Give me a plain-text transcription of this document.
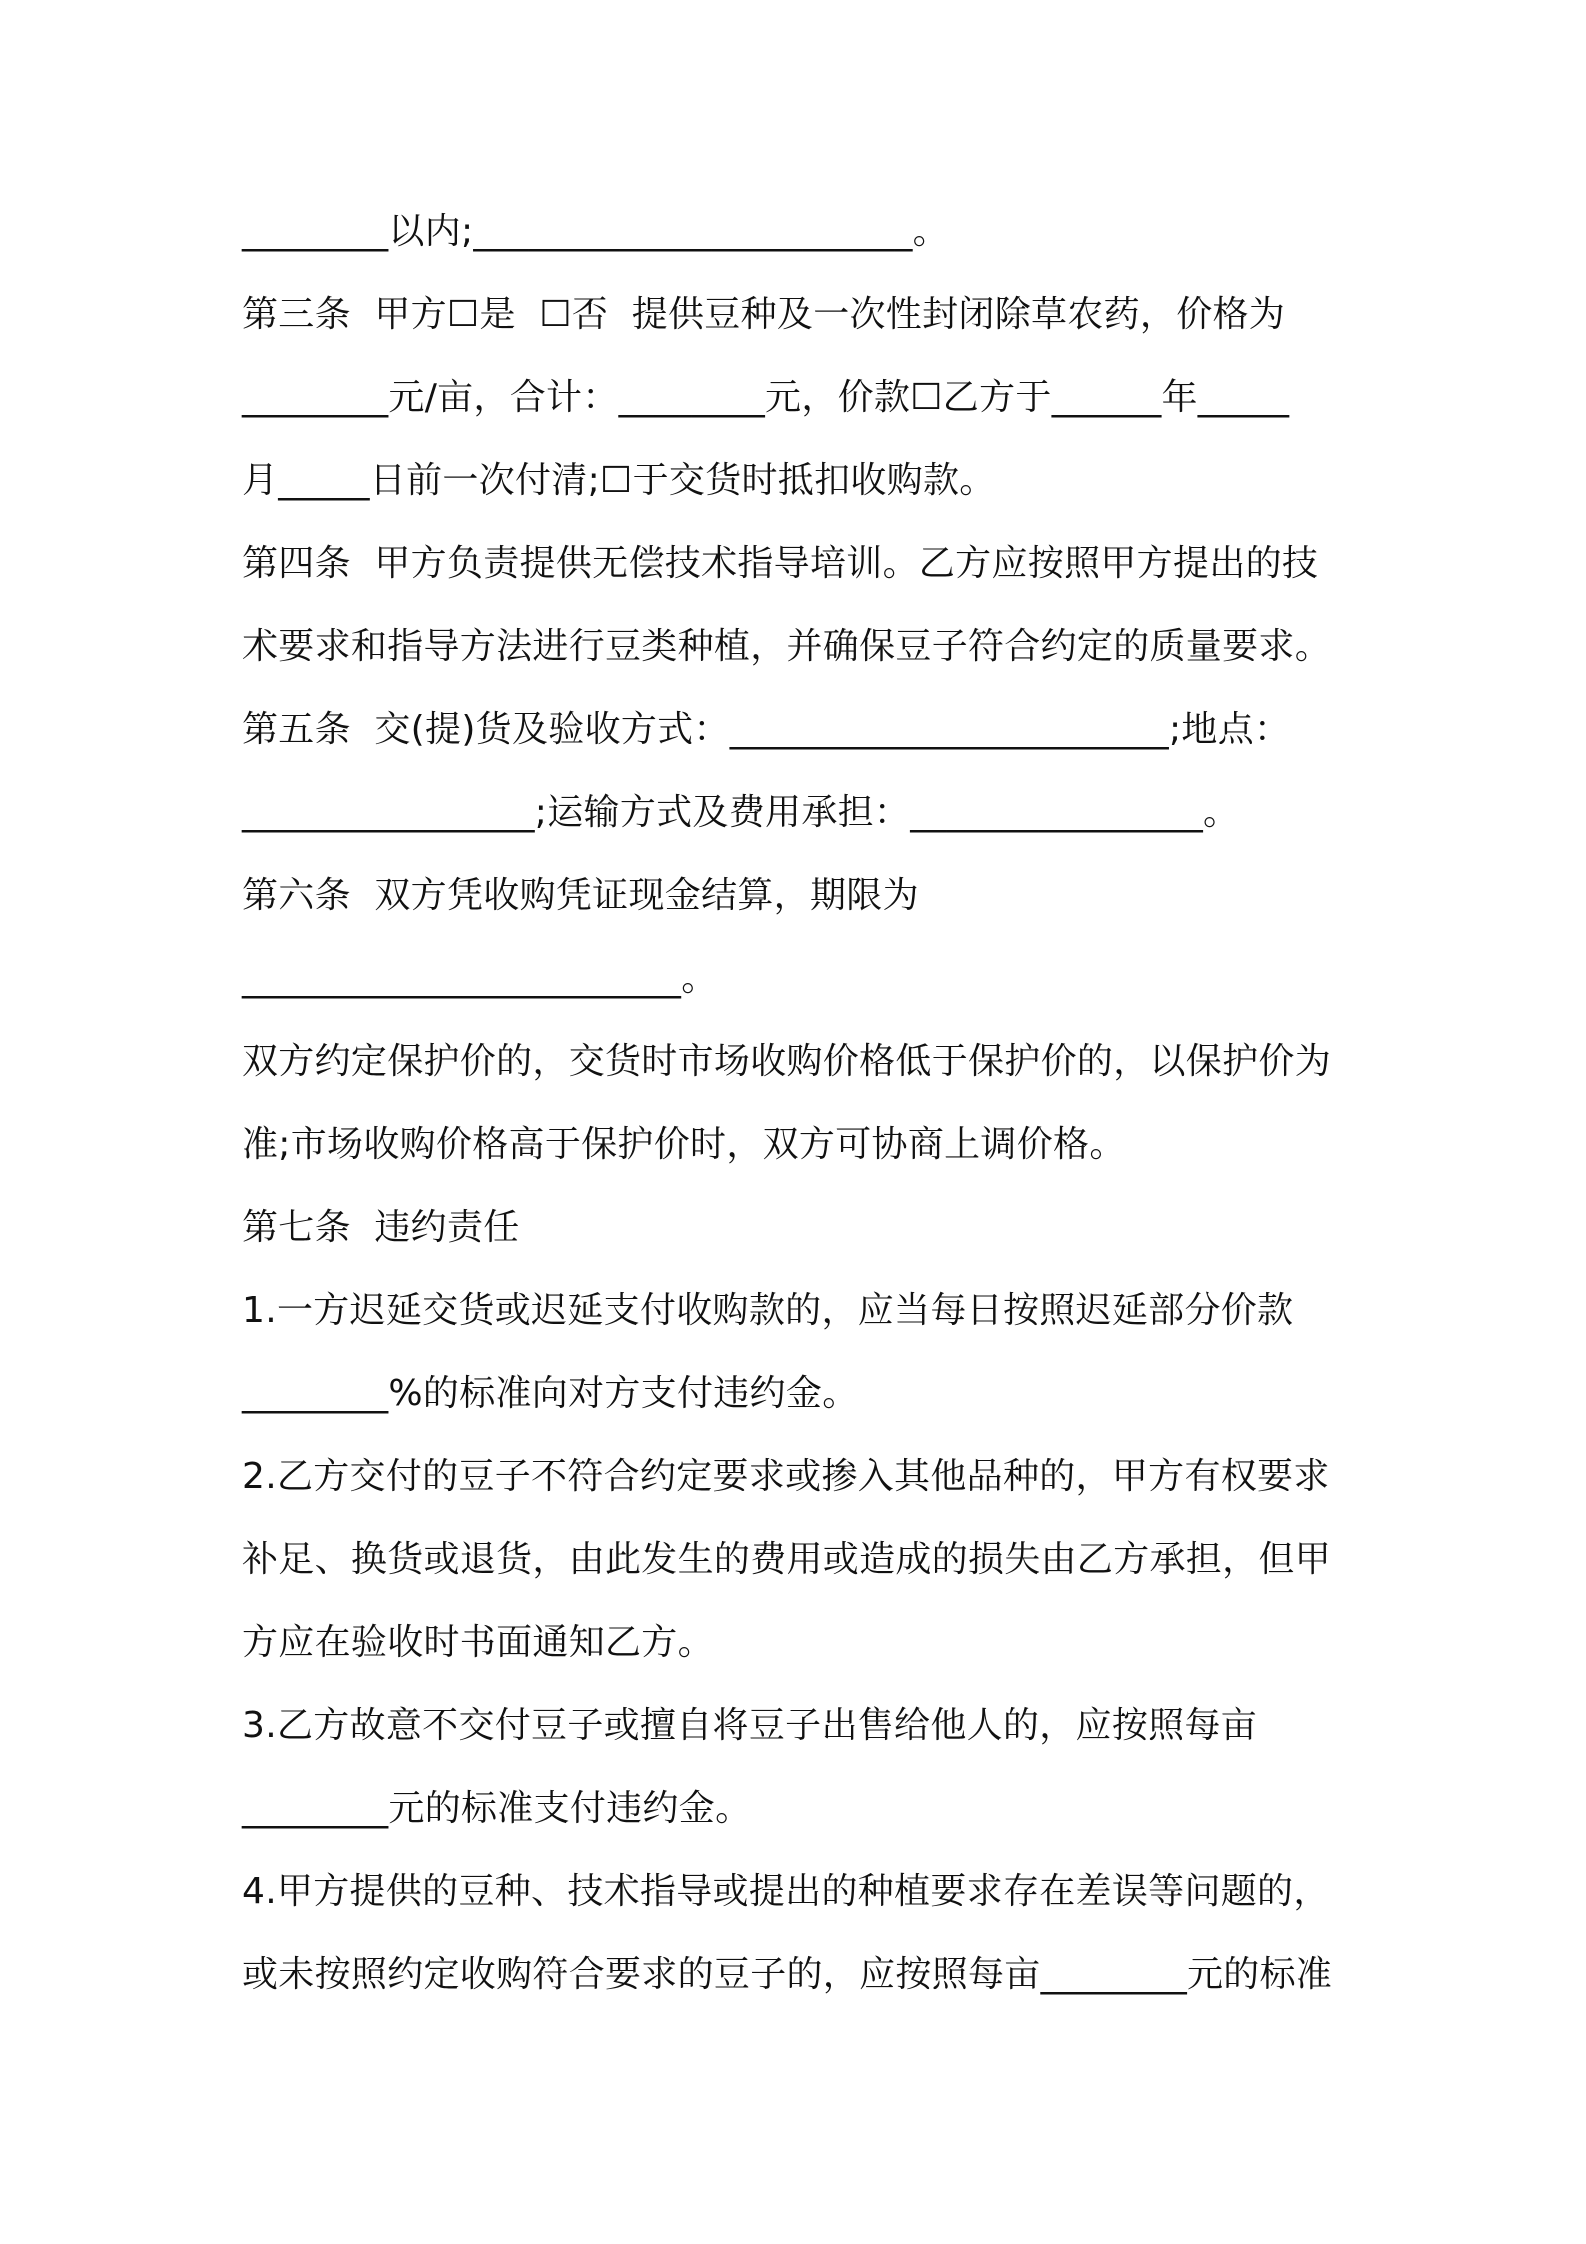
________以内;________________________。
第三条  甲方☐是  ☐否  提供豆种及一次性封闭除草农药，价格为
________元/亩，合计：________元，价款☐乙方于______年_____
月_____日前一次付清;☐于交货时抵扣收购款。
第四条  甲方负责提供无偿技术指导培训。乙方应按照甲方提出的技
术要求和指导方法进行豆类种植，并确保豆子符合约定的质量要求。
第五条  交(提)货及验收方式：________________________;地点：
________________;运输方式及费用承担：________________。
第六条  双方凭收购凭证现金结算，期限为
________________________。
双方约定保护价的，交货时市场收购价格低于保护价的，以保护价为
准;市场收购价格高于保护价时，双方可协商上调价格。
第七条  违约责任
1.一方迟延交货或迟延支付收购款的，应当每日按照迟延部分价款
________%的标准向对方支付违约金。
2.乙方交付的豆子不符合约定要求或掺入其他品种的，甲方有权要求
补足、换货或退货，由此发生的费用或造成的损失由乙方承担，但甲
方应在验收时书面通知乙方。
3.乙方故意不交付豆子或擅自将豆子出售给他人的，应按照每亩
________元的标准支付违约金。
4.甲方提供的豆种、技术指导或提出的种植要求存在差误等问题的，
或未按照约定收购符合要求的豆子的，应按照每亩________元的标准
